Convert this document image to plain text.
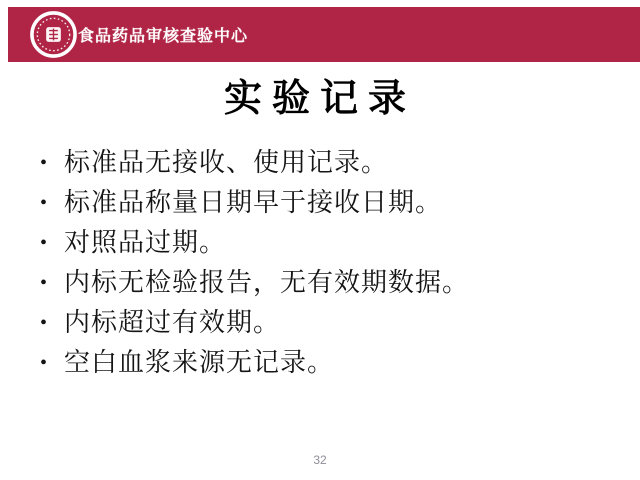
食品药品审核查验中心
实验记录
• 标准品无接收、使用记录。
• 标准品称量日期早于接收日期。
• 对照品过期。
• 内标无检验报告，无有效期数据。
• 内标超过有效期。
• 空白血浆来源无记录。
32
